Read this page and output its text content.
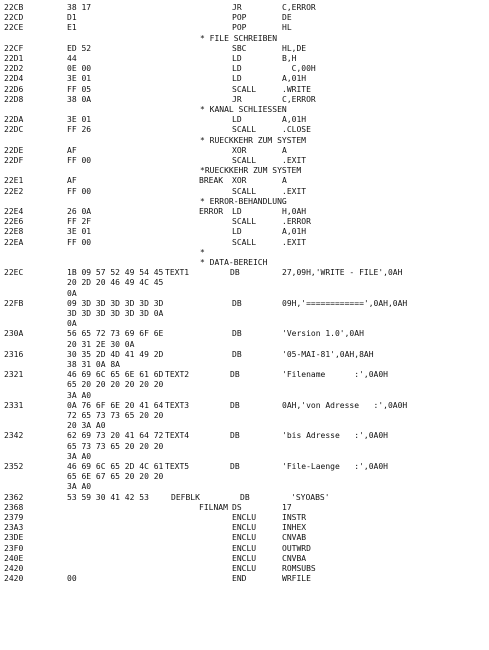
22CB	38 17	JR	C,ERROR
22CD	D1	POP	DE
22CE	E1	POP	HL
* FILE SCHREIBEN
22CF	ED 52	SBC	HL,DE
22D1	44	LD	B,H
22D2	0E 00	LD	C,00H
22D4	3E 01	LD	A,01H
22D6	FF 05	SCALL	.WRITE
22D8	38 0A	JR	C,ERROR
* KANAL SCHLIESSEN
22DA	3E 01	LD	A,01H
22DC	FF 26	SCALL	.CLOSE
* RUECKKEHR ZUM SYSTEM
22DE	AF	XOR	A
22DF	FF 00	SCALL	.EXIT
*RUECKKEHR ZUM SYSTEM
22E1	AF	BREAK XOR	A
22E2	FF 00	SCALL	.EXIT
* ERROR-BEHANDLUNG
22E4	26 0A	ERROR LD	H,0AH
22E6	FF 2F	SCALL	.ERROR
22E8	3E 01	LD	A,01H
22EA	FF 00	SCALL	.EXIT
*
* DATA-BEREICH
22EC	1B 09 57 52 49 54 45 TEXT1	DB	27,09H,'WRITE - FILE',0AH
20 2D 20 46 49 4C 45
0A
22FB	09 3D 3D 3D 3D 3D 3D	DB	09H,'============',0AH,0AH
3D 3D 3D 3D 3D 3D 0A
0A
230A	56 65 72 73 69 6F 6E	DB	'Version 1.0',0AH
20 31 2E 30 0A
2316	30 35 2D 4D 41 49 2D	DB	'05-MAI-81',0AH,8AH
38 31 0A 8A
2321	46 69 6C 65 6E 61 6D TEXT2	DB	'Filename      :',0A0H
65 20 20 20 20 20 20
3A A0
2331	0A 76 6F 6E 20 41 64 TEXT3	DB	0AH,'von Adresse   :',0A0H
72 65 73 73 65 20 20
20 3A A0
2342	62 69 73 20 41 64 72 TEXT4	DB	'bis Adresse   :',0A0H
65 73 73 65 20 20 20
3A A0
2352	46 69 6C 65 2D 4C 61 TEXT5	DB	'File-Laenge   :',0A0H
65 6E 67 65 20 20 20
3A A0
2362	53 59 30 41 42 53	DEFBLK	DB	'SYOABS'
2368	FILNAM DS	17
2379	ENCLU	INSTR
23A3	ENCLU	INHEX
23DE	ENCLU	CNVAB
23F0	ENCLU	OUTWRD
240E	ENCLU	CNVBA
2420	ENCLU	ROMSUBS
2420	00	END	WRFILE
